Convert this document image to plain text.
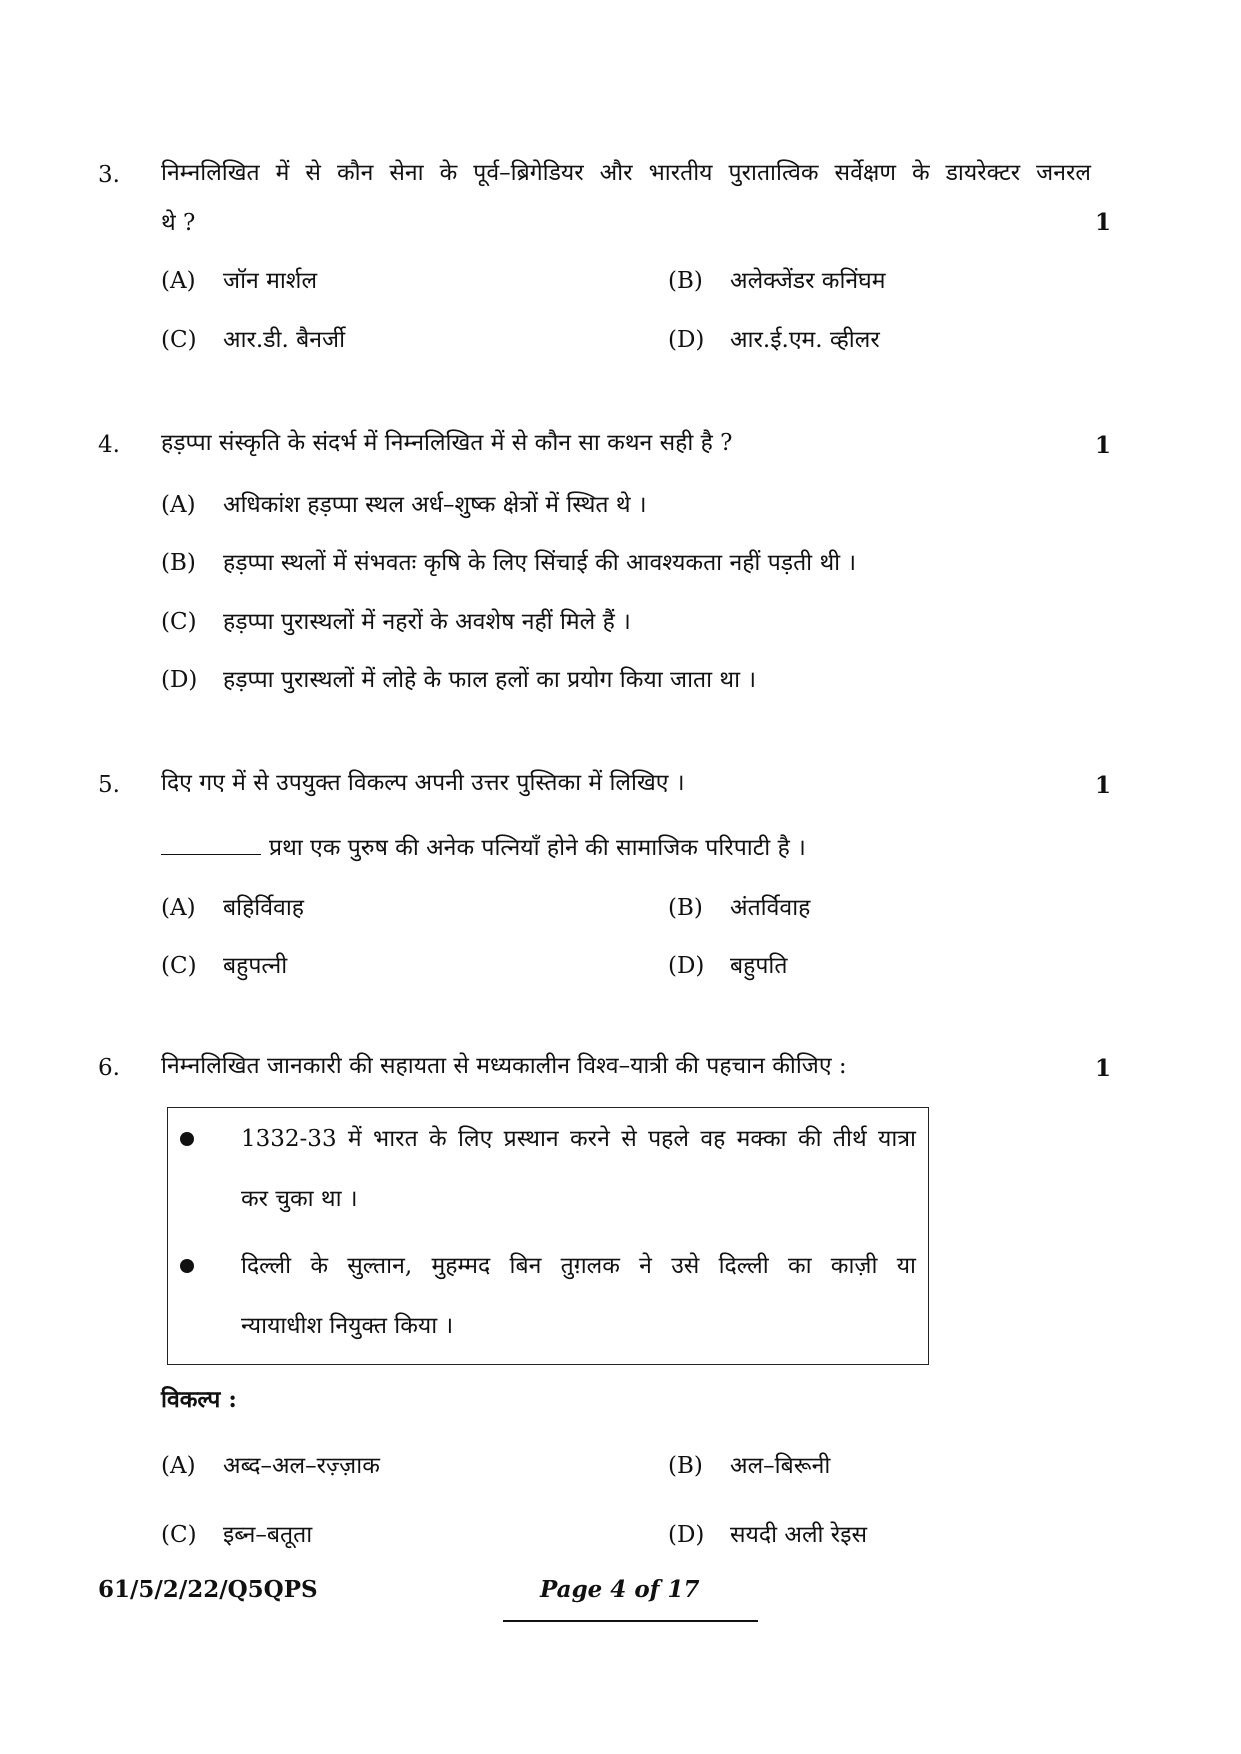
3. निम्नलिखित में से कौन सेना के पूर्व–ब्रिगेडियर और भारतीय पुरातात्विक सर्वेक्षण के डायरेक्टर जनरल
थे ?	1
(A) जॉन मार्शल	(B) अलेक्जेंडर कनिंघम
(C) आर.डी. बैनर्जी	(D) आर.ई.एम. व्हीलर
4. हड़प्पा संस्कृति के संदर्भ में निम्नलिखित में से कौन सा कथन सही है ?	1
(A) अधिकांश हड़प्पा स्थल अर्ध–शुष्क क्षेत्रों में स्थित थे ।
(B) हड़प्पा स्थलों में संभवतः कृषि के लिए सिंचाई की आवश्यकता नहीं पड़ती थी ।
(C) हड़प्पा पुरास्थलों में नहरों के अवशेष नहीं मिले हैं ।
(D) हड़प्पा पुरास्थलों में लोहे के फाल हलों का प्रयोग किया जाता था ।
5. दिए गए में से उपयुक्त विकल्प अपनी उत्तर पुस्तिका में लिखिए ।	1
प्रथा एक पुरुष की अनेक पत्नियाँ होने की सामाजिक परिपाटी है ।
(A) बहिर्विवाह	(B) अंतर्विवाह
(C) बहुपत्नी	(D) बहुपति
6. निम्नलिखित जानकारी की सहायता से मध्यकालीन विश्व–यात्री की पहचान कीजिए :	1
1332-33 में भारत के लिए प्रस्थान करने से पहले वह मक्का की तीर्थ यात्रा
कर चुका था ।
दिल्ली के सुल्तान, मुहम्मद बिन तुग़लक ने उसे दिल्ली का काज़ी या
न्यायाधीश नियुक्त किया ।
विकल्प :
(A) अब्द–अल–रज़्ज़ाक	(B) अल–बिरूनी
(C) इब्न–बतूता	(D) सयदी अली रेइस
61/5/2/22/Q5QPS	Page 4 of 17
